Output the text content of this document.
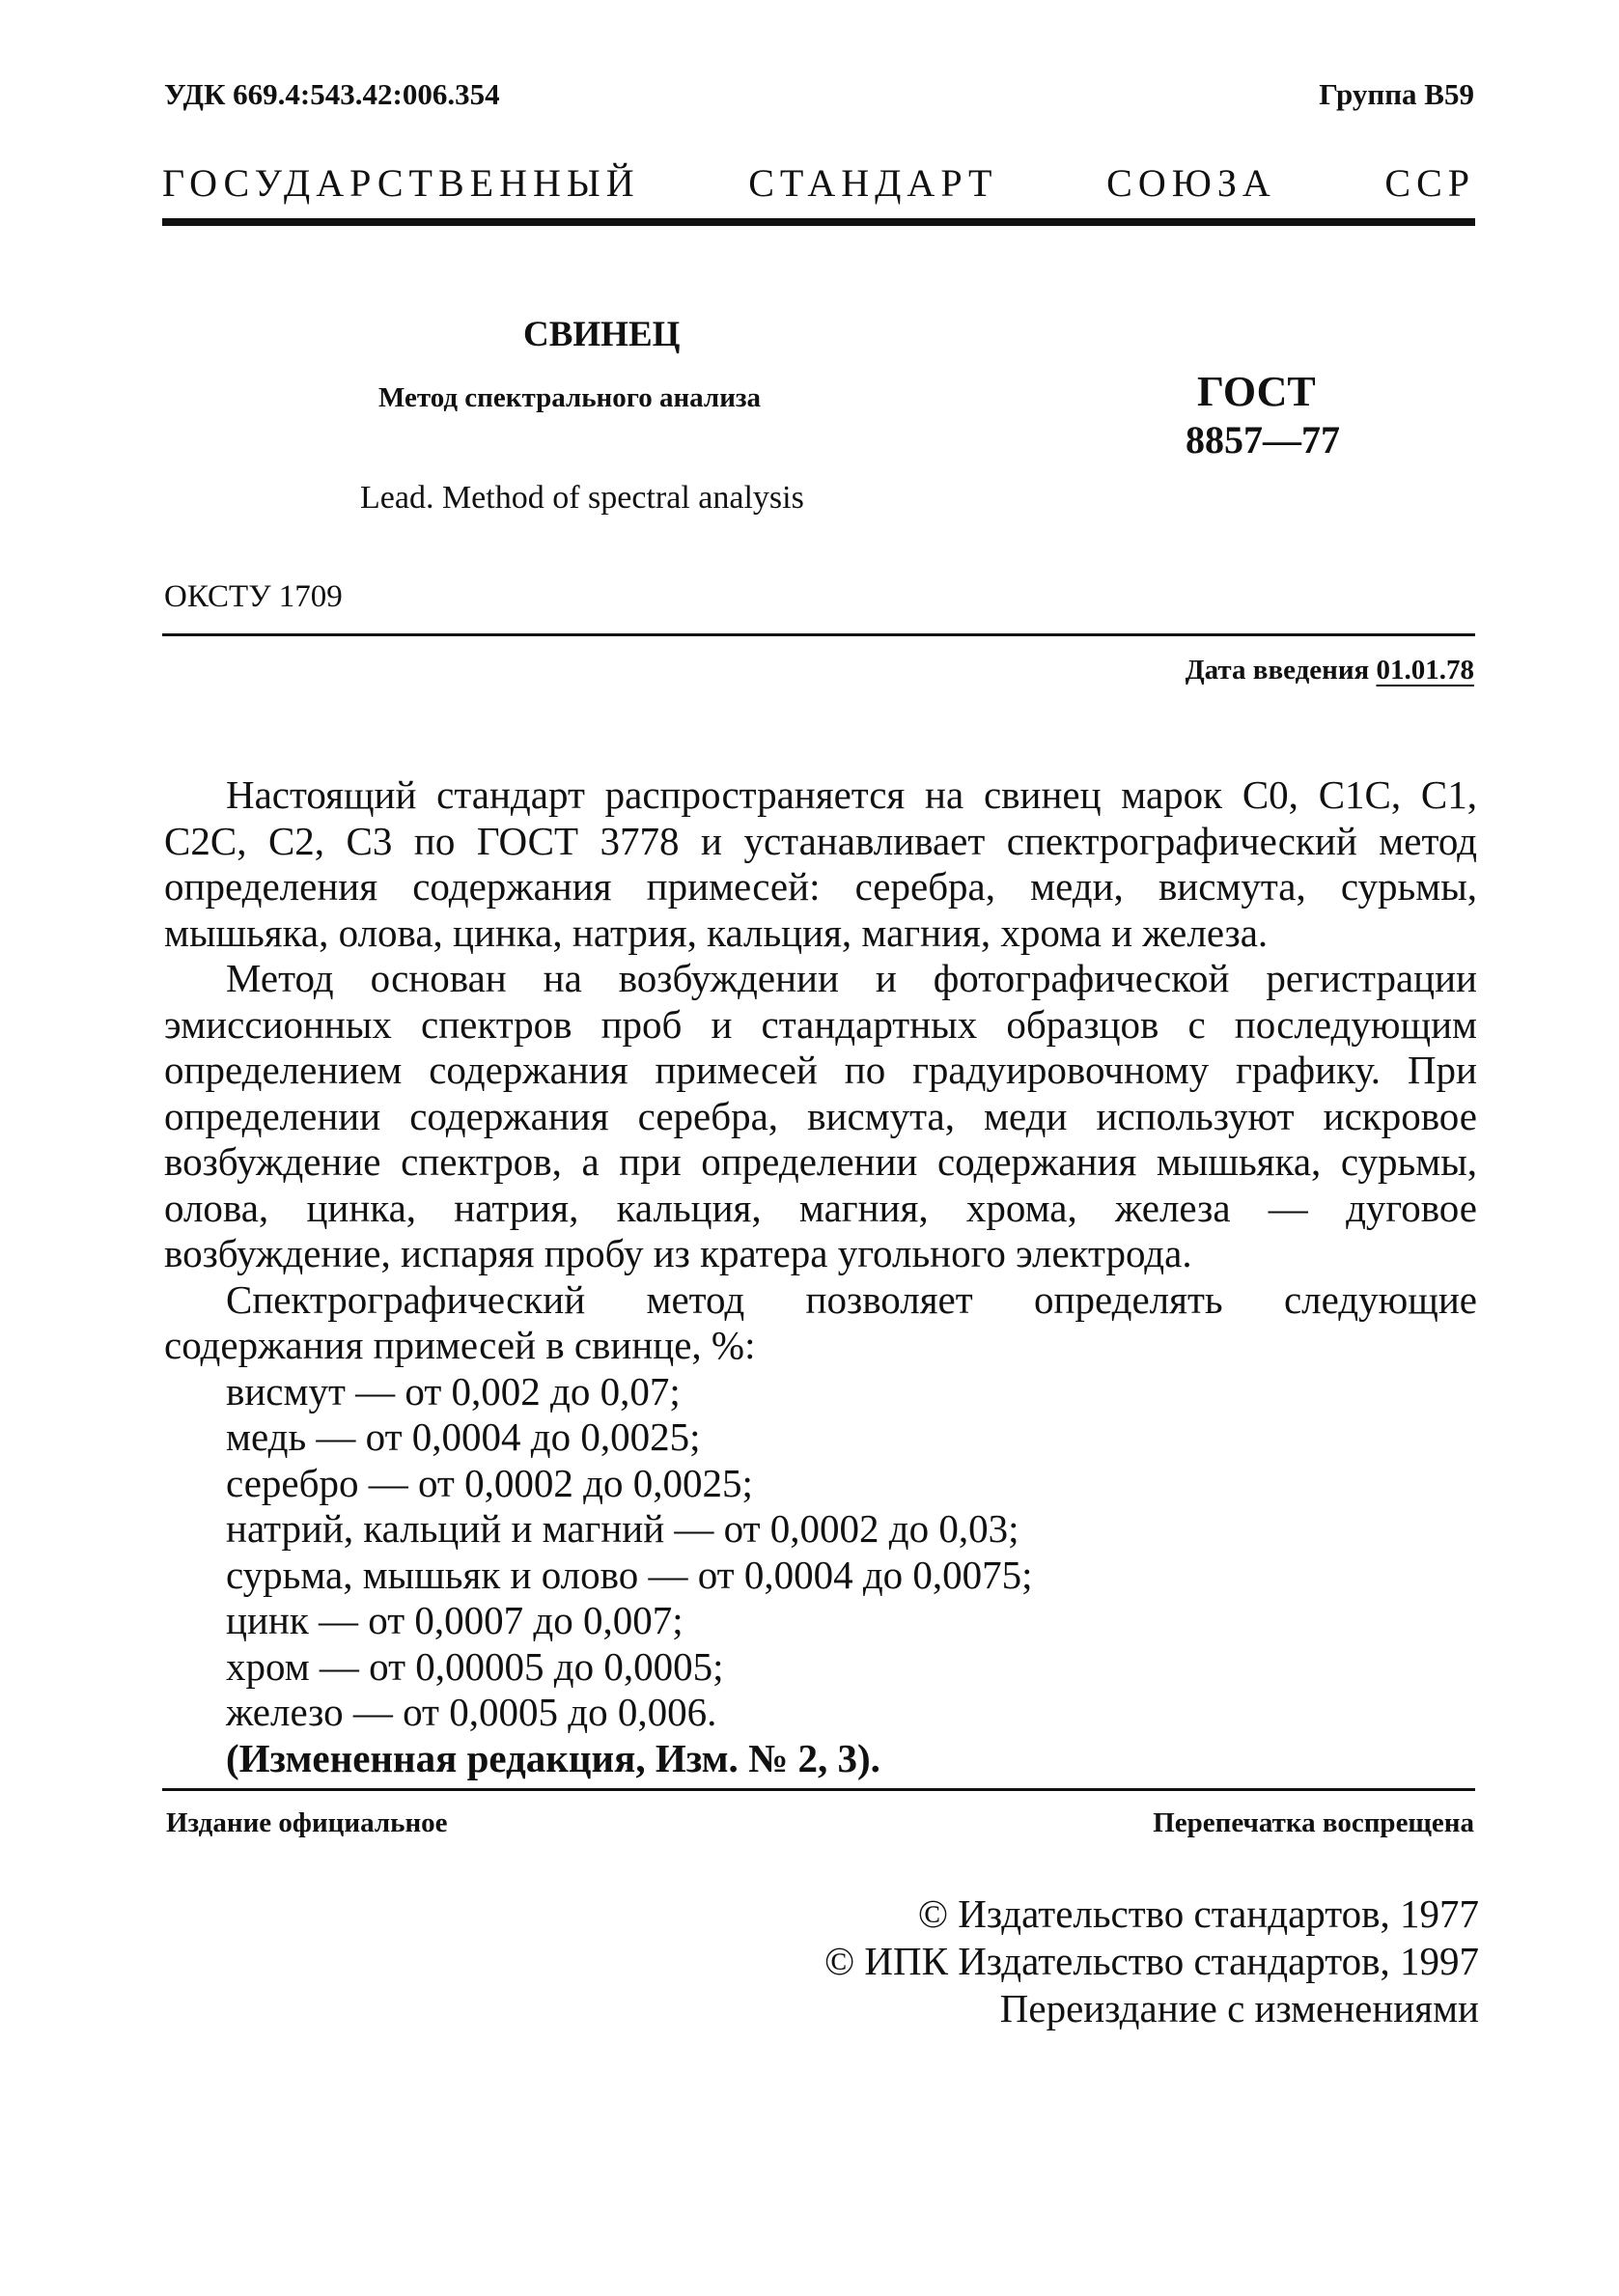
УДК 669.4:543.42:006.354	Группа В59
ГОСУДАРСТВЕННЫЙ СТАНДАРТ СОЮЗА ССР
СВИНЕЦ
Метод спектрального анализа
Lead. Method of spectral analysis
ГОСТ
8857—77
ОКСТУ 1709
Дата введения 01.01.78

Настоящий стандарт распространяется на свинец марок С0, С1С, С1, С2С, С2, С3 по ГОСТ 3778 и устанавливает спектрографический метод определения содержания примесей: серебра, меди, висмута, сурьмы, мышьяка, олова, цинка, натрия, кальция, магния, хрома и железа.

Метод основан на возбуждении и фотографической регистрации эмиссионных спектров проб и стандартных образцов с последующим определением содержания примесей по градуировочному графику. При определении содержания серебра, висмута, меди используют искровое возбуждение спектров, а при определении содержания мышьяка, сурьмы, олова, цинка, натрия, кальция, магния, хрома, железа — дуговое возбуждение, испаряя пробу из кратера угольного электрода.

Спектрографический метод позволяет определять следующие содержания примесей в свинце, %:

висмут — от 0,002 до 0,07;
медь — от 0,0004 до 0,0025;
серебро — от 0,0002 до 0,0025;
натрий, кальций и магний — от 0,0002 до 0,03;
сурьма, мышьяк и олово — от 0,0004 до 0,0075;
цинк — от 0,0007 до 0,007;
хром — от 0,00005 до 0,0005;
железо — от 0,0005 до 0,006.
(Измененная редакция, Изм. № 2, 3).
Издание официальное	Перепечатка воспрещена
© Издательство стандартов, 1977
© ИПК Издательство стандартов, 1997
Переиздание с изменениями
